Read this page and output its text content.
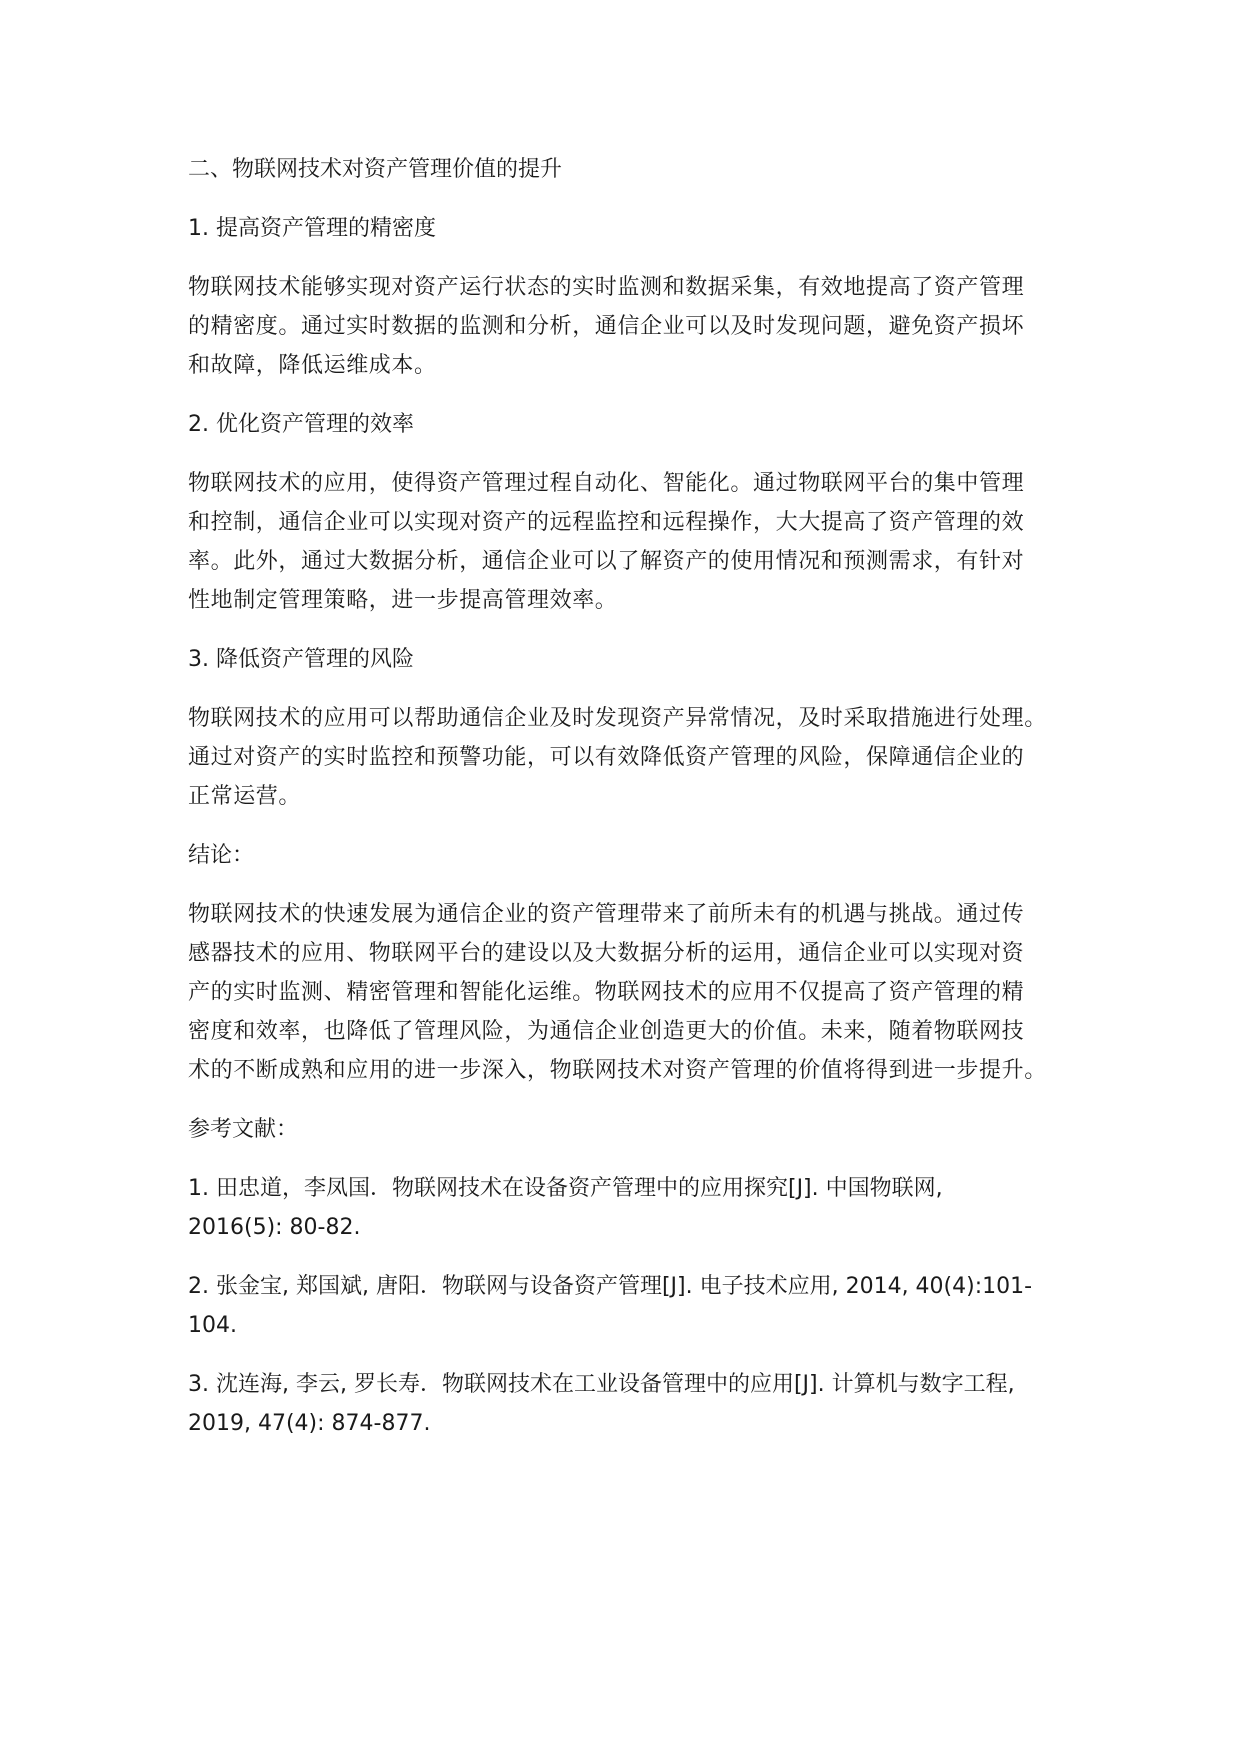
二、物联网技术对资产管理价值的提升
1. 提高资产管理的精密度
物联网技术能够实现对资产运行状态的实时监测和数据采集，有效地提高了资产管理
的精密度。通过实时数据的监测和分析，通信企业可以及时发现问题，避免资产损坏
和故障，降低运维成本。
2. 优化资产管理的效率
物联网技术的应用，使得资产管理过程自动化、智能化。通过物联网平台的集中管理
和控制，通信企业可以实现对资产的远程监控和远程操作，大大提高了资产管理的效
率。此外，通过大数据分析，通信企业可以了解资产的使用情况和预测需求，有针对
性地制定管理策略，进一步提高管理效率。
3. 降低资产管理的风险
物联网技术的应用可以帮助通信企业及时发现资产异常情况，及时采取措施进行处理。
通过对资产的实时监控和预警功能，可以有效降低资产管理的风险，保障通信企业的
正常运营。
结论：
物联网技术的快速发展为通信企业的资产管理带来了前所未有的机遇与挑战。通过传
感器技术的应用、物联网平台的建设以及大数据分析的运用，通信企业可以实现对资
产的实时监测、精密管理和智能化运维。物联网技术的应用不仅提高了资产管理的精
密度和效率，也降低了管理风险，为通信企业创造更大的价值。未来，随着物联网技
术的不断成熟和应用的进一步深入，物联网技术对资产管理的价值将得到进一步提升。
参考文献：
1. 田忠道，李凤国．物联网技术在设备资产管理中的应用探究[J]. 中国物联网,
2016(5): 80-82.
2. 张金宝, 郑国斌, 唐阳．物联网与设备资产管理[J]. 电子技术应用, 2014, 40(4):101-
104.
3. 沈连海, 李云, 罗长寿．物联网技术在工业设备管理中的应用[J]. 计算机与数字工程,
2019, 47(4): 874-877.
